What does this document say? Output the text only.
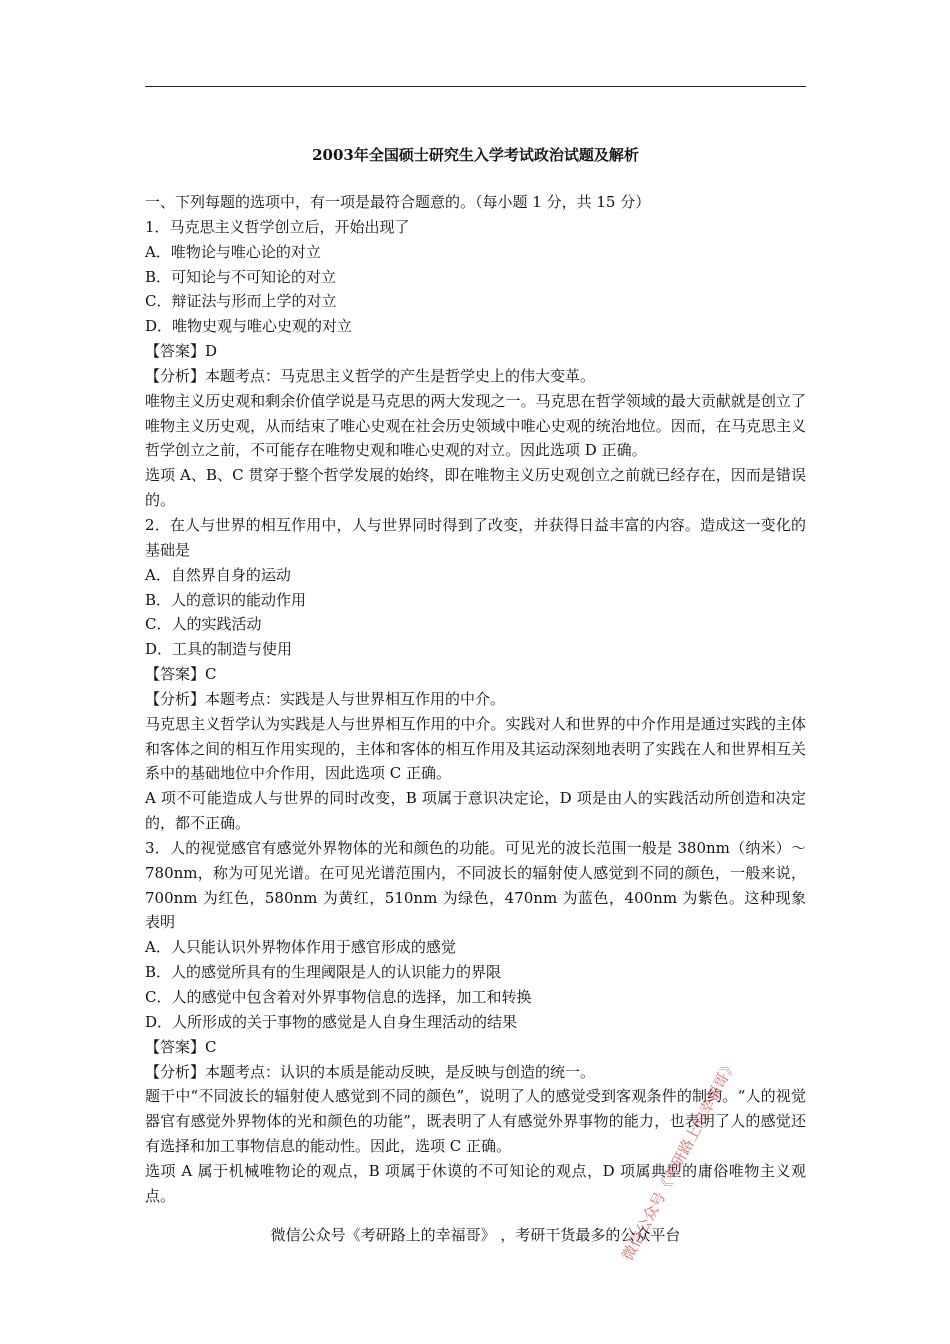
2003年全国硕士研究生入学考试政治试题及解析

一、下列每题的选项中，有一项是最符合题意的。（每小题 1 分，共 15 分）

1．马克思主义哲学创立后，开始出现了

A．唯物论与唯心论的对立

B．可知论与不可知论的对立

C．辩证法与形而上学的对立

D．唯物史观与唯心史观的对立

【答案】D

【分析】本题考点：马克思主义哲学的产生是哲学史上的伟大变革。

唯物主义历史观和剩余价值学说是马克思的两大发现之一。马克思在哲学领域的最大贡献就是创立了唯物主义历史观，从而结束了唯心史观在社会历史领域中唯心史观的统治地位。因而，在马克思主义哲学创立之前，不可能存在唯物史观和唯心史观的对立。因此选项 D 正确。

选项 A、B、C 贯穿于整个哲学发展的始终，即在唯物主义历史观创立之前就已经存在，因而是错误的。

2．在人与世界的相互作用中，人与世界同时得到了改变，并获得日益丰富的内容。造成这一变化的基础是

A．自然界自身的运动

B．人的意识的能动作用

C．人的实践活动

D．工具的制造与使用

【答案】C

【分析】本题考点：实践是人与世界相互作用的中介。

马克思主义哲学认为实践是人与世界相互作用的中介。实践对人和世界的中介作用是通过实践的主体和客体之间的相互作用实现的，主体和客体的相互作用及其运动深刻地表明了实践在人和世界相互关系中的基础地位中介作用，因此选项 C 正确。

A 项不可能造成人与世界的同时改变，B 项属于意识决定论，D 项是由人的实践活动所创造和决定的，都不正确。

3．人的视觉感官有感觉外界物体的光和颜色的功能。可见光的波长范围一般是 380nm（纳米）～780nm，称为可见光谱。在可见光谱范围内，不同波长的辐射使人感觉到不同的颜色，一般来说，700nm 为红色，580nm 为黄红，510nm 为绿色，470nm 为蓝色，400nm 为紫色。这种现象表明

A．人只能认识外界物体作用于感官形成的感觉

B．人的感觉所具有的生理阈限是人的认识能力的界限

C．人的感觉中包含着对外界事物信息的选择，加工和转换

D．人所形成的关于事物的感觉是人自身生理活动的结果

【答案】C

【分析】本题考点：认识的本质是能动反映，是反映与创造的统一。

题干中“不同波长的辐射使人感觉到不同的颜色”，说明了人的感觉受到客观条件的制约。“人的视觉器官有感觉外界物体的光和颜色的功能”，既表明了人有感觉外界事物的能力，也表明了人的感觉还有选择和加工事物信息的能动性。因此，选项 C 正确。

选项 A 属于机械唯物论的观点，B 项属于休谟的不可知论的观点，D 项属典型的庸俗唯物主义观点。	微信公众号《考研路上的幸福哥》
微信公众号《考研路上的幸福哥》 ，考研干货最多的公众平台
